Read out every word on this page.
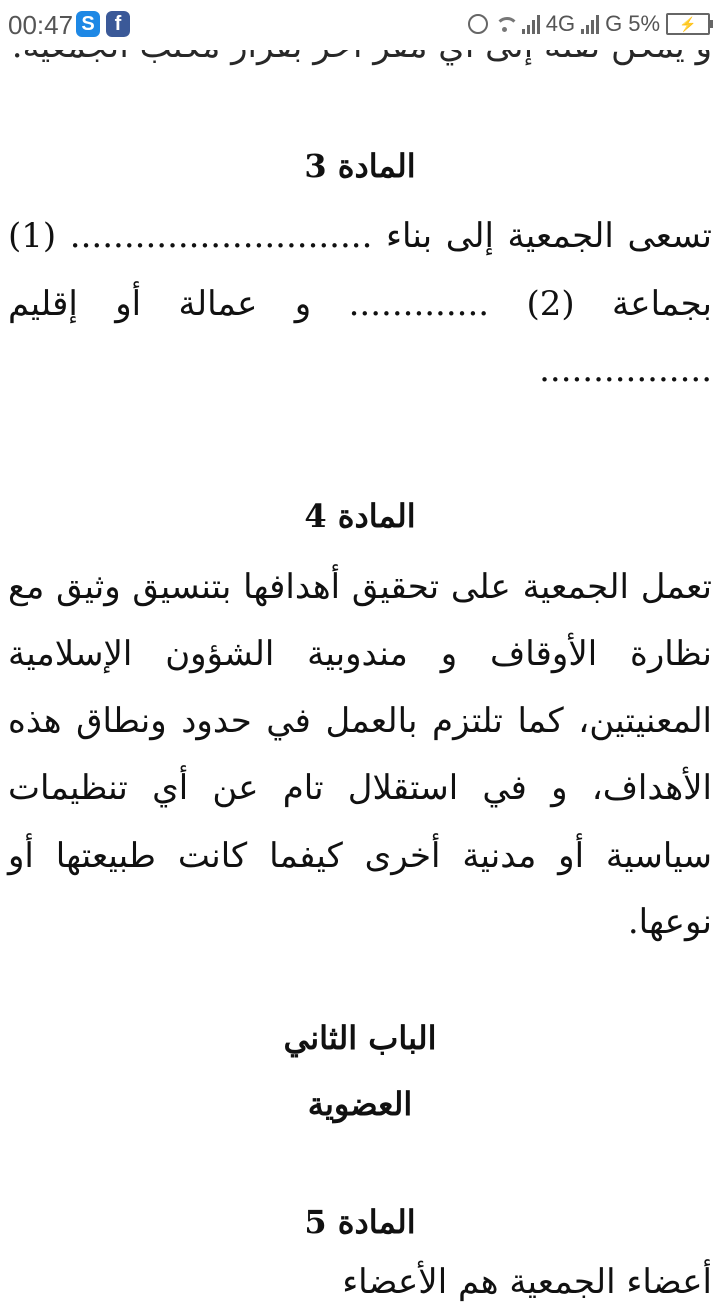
00:47 S f	4G G 5% ⚡
المادة 3
تسعى الجمعية إلى بناء ............................ (1)
بجماعة (2) ............. و عمالة أو إقليم
................
المادة 4
تعمل الجمعية على تحقيق أهدافها بتنسيق وثيق مع
نظارة الأوقاف و مندوبية الشؤون الإسلامية
المعنيتين، كما تلتزم بالعمل في حدود ونطاق هذه
الأهداف، و في استقلال تام عن أي تنظيمات
سياسية أو مدنية أخرى كيفما كانت طبيعتها أو
نوعها.
الباب الثاني
العضوية
المادة 5
أعضاء الجمعية هم الأعضاء
